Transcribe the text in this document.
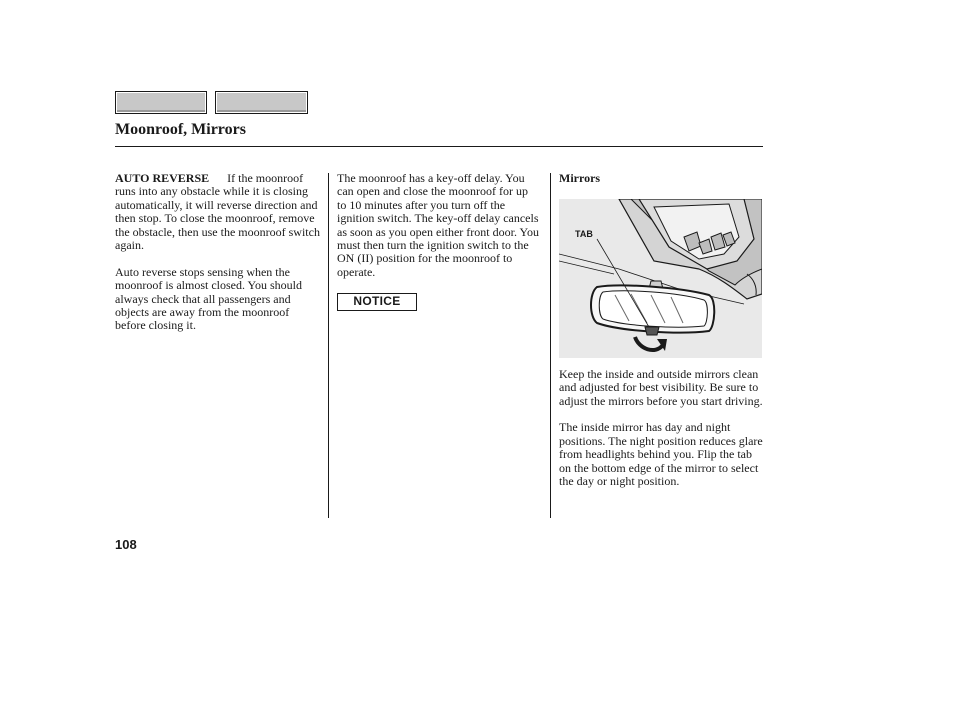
Moonroof, Mirrors

AUTO REVERSE If the moonroof runs into any obstacle while it is closing automatically, it will reverse direction and then stop. To close the moonroof, remove the obstacle, then use the moonroof switch again.

Auto reverse stops sensing when the moonroof is almost closed. You should always check that all passengers and objects are away from the moonroof before closing it.

The moonroof has a key-off delay. You can open and close the moonroof for up to 10 minutes after you turn off the ignition switch. The key-off delay cancels as soon as you open either front door. You must then turn the ignition switch to the ON (II) position for the moonroof to operate.

NOTICE

Mirrors

TAB

Keep the inside and outside mirrors clean and adjusted for best visibility. Be sure to adjust the mirrors before you start driving.

The inside mirror has day and night positions. The night position reduces glare from headlights behind you. Flip the tab on the bottom edge of the mirror to select the day or night position.

108
